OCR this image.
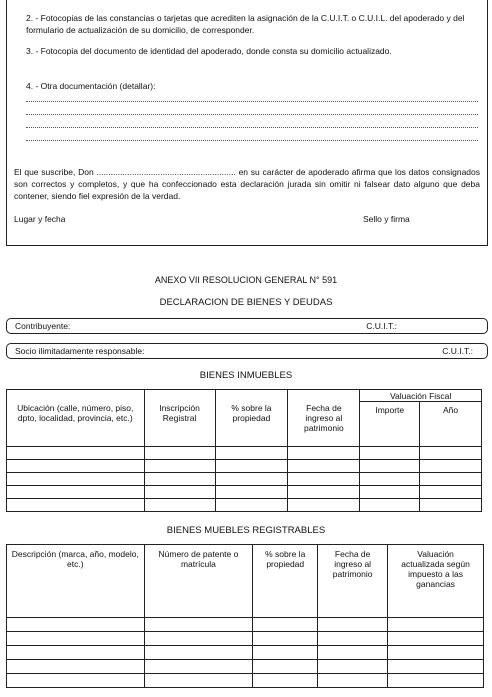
2. - Fotocopias de las constancias o tarjetas que acrediten la asignación de la C.U.I.T. o C.U.I.L. del apoderado y del formulario de actualización de su domicilio, de corresponder.
3. - Fotocopia del documento de identidad del apoderado, donde consta su domicilio actualizado.
4. - Otra documentación (detallar):
El que suscribe, Don ........................................................... en su carácter de apoderado afirma que los datos consignados son correctos y completos, y que ha confeccionado esta declaración jurada sin omitir ni falsear dato alguno que deba contener, siendo fiel expresión de la verdad.
Lugar y fecha	Sello y firma
ANEXO VII RESOLUCION GENERAL N° 591
DECLARACION DE BIENES Y DEUDAS
Contribuyente:	C.U.I.T.:
Socio ilimitadamente responsable:	C.U.I.T.:
BIENES INMUEBLES
Ubicación (calle, número, piso, dpto, localidad, provincia, etc.)	Inscripción Registral	% sobre la propiedad	Fecha de ingreso al patrimonio	Valuación Fiscal	
				Importe	Año

BIENES MUEBLES REGISTRABLES
Descripción (marca, año, modelo, etc.)	Número de patente o matrícula	% sobre la propiedad	Fecha de ingreso al patrimonio	Valuación actualizada según impuesto a las ganancias
